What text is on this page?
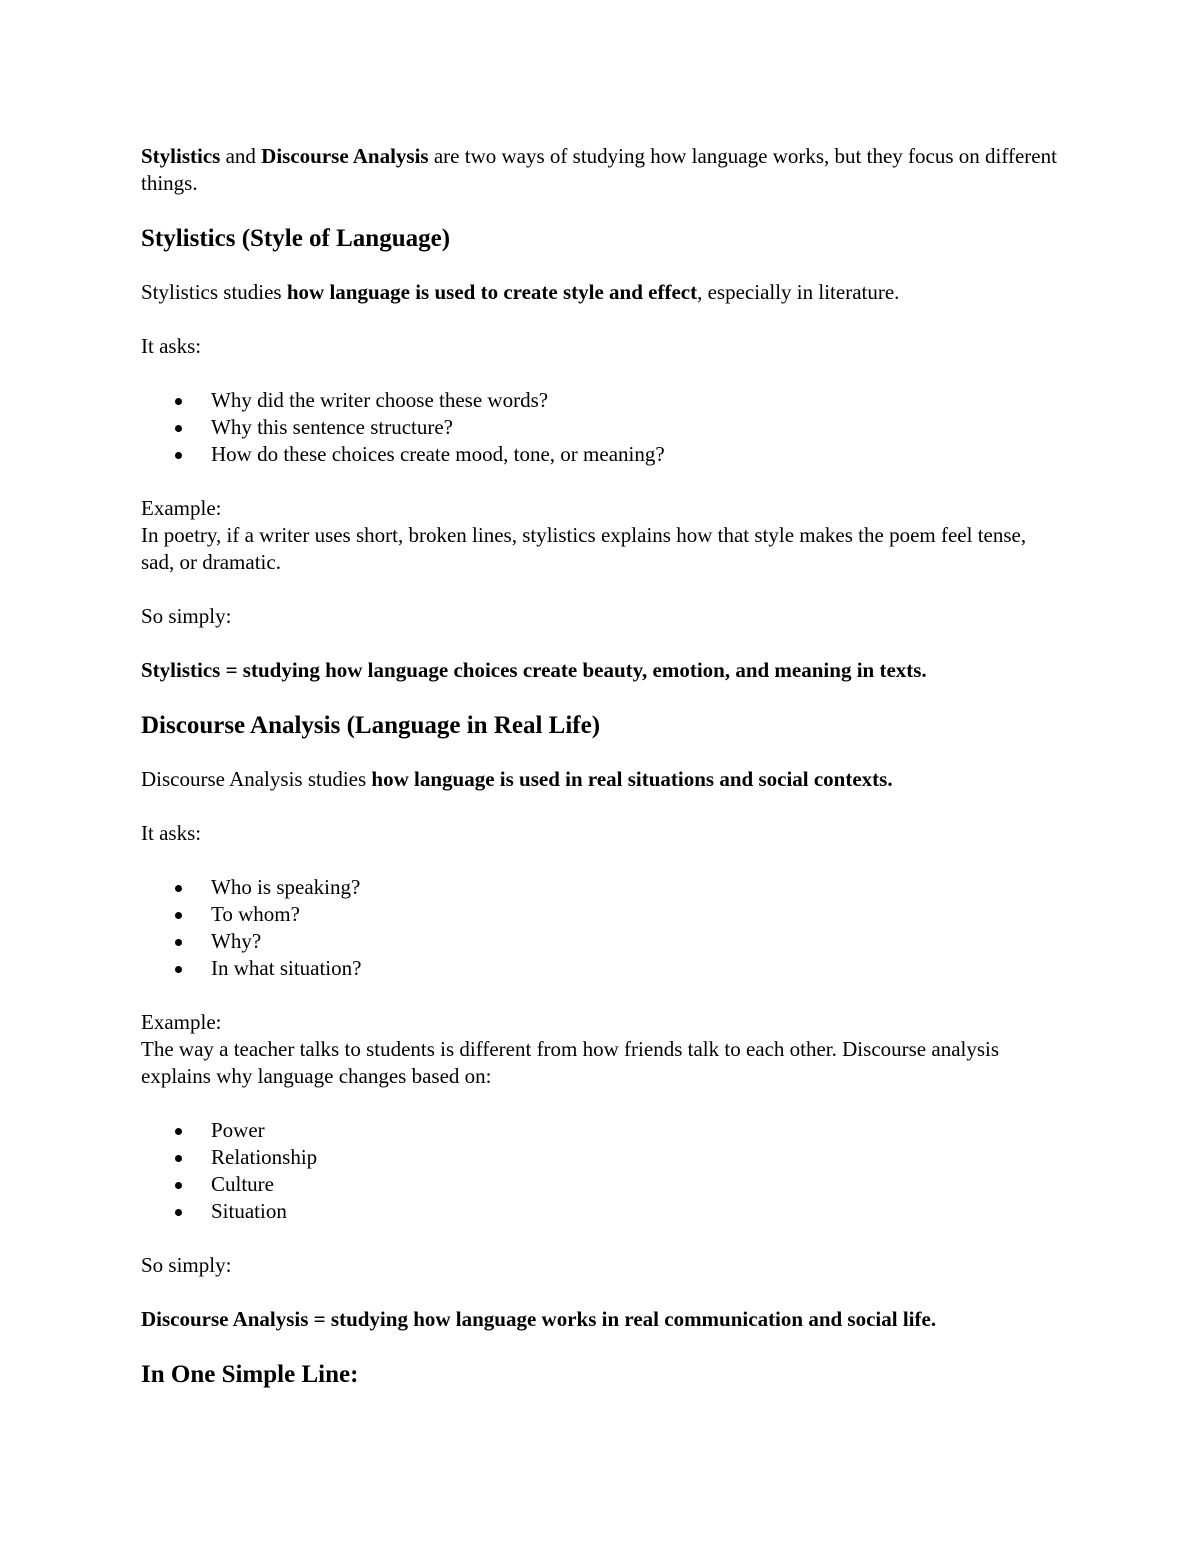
Stylistics and Discourse Analysis are two ways of studying how language works, but they focus on different things.

Stylistics (Style of Language)

Stylistics studies how language is used to create style and effect, especially in literature.

It asks:

Why did the writer choose these words?
Why this sentence structure?
How do these choices create mood, tone, or meaning?

Example:

In poetry, if a writer uses short, broken lines, stylistics explains how that style makes the poem feel tense, sad, or dramatic.

So simply:

Stylistics = studying how language choices create beauty, emotion, and meaning in texts.

Discourse Analysis (Language in Real Life)

Discourse Analysis studies how language is used in real situations and social contexts.

It asks:

Who is speaking?
To whom?
Why?
In what situation?

Example:

The way a teacher talks to students is different from how friends talk to each other. Discourse analysis explains why language changes based on:

Power
Relationship
Culture
Situation

So simply:

Discourse Analysis = studying how language works in real communication and social life.

In One Simple Line:
